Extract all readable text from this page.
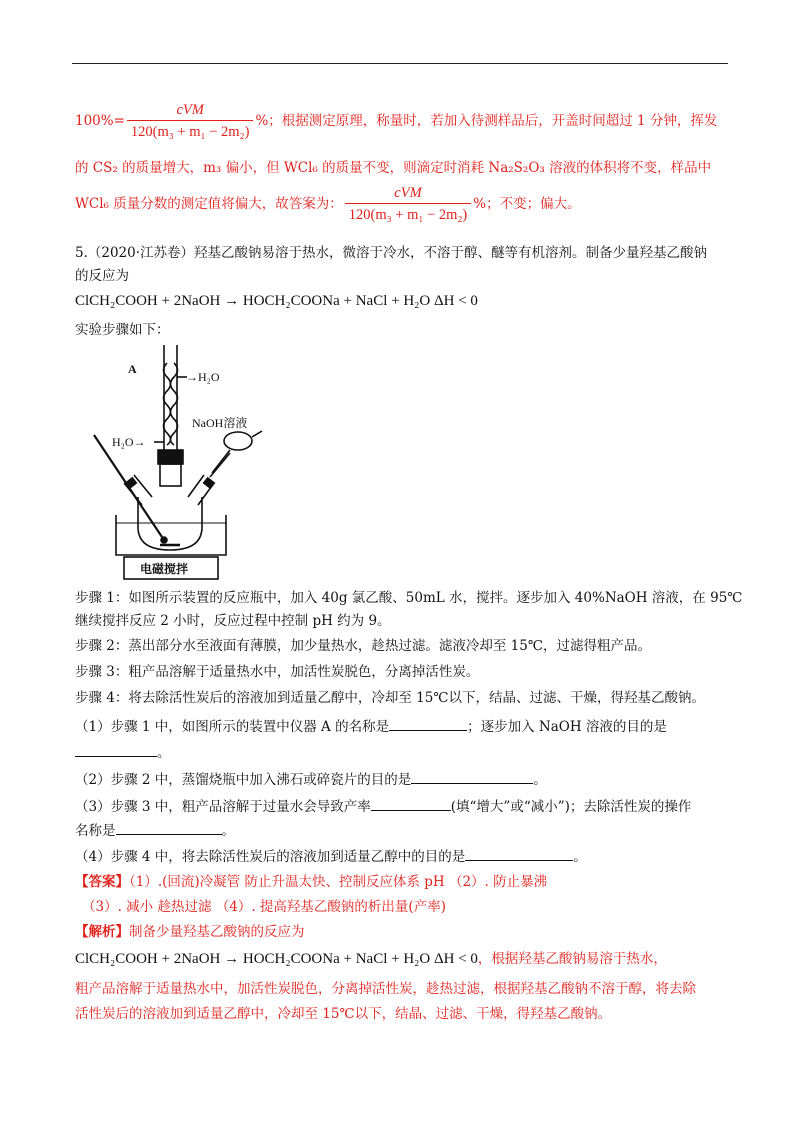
$100\%= \frac{\text{cVM}}{\text{120(m₃ + m₁ − 2m₂)}}$ %；根据测定原理，称量时，若加入待测样品后，开盖时间超过 1 分钟，挥发
的 CS₂ 的质量增大，m₃ 偏小，但 WCl₆ 的质量不变，则滴定时消耗 Na₂S₂O₃ 溶液的体积将不变，样品中
WCl₆ 质量分数的测定值将偏大，故答案为： $\frac{\text{cVM}}{\text{120(m₃ + m₁ − 2m₂)}}$ %；不变；偏大。
5.（2020·江苏卷）羟基乙酸钠易溶于热水，微溶于冷水，不溶于醇、醚等有机溶剂。制备少量羟基乙酸钠
的反应为
ClCH₂COOH + 2NaOH → HOCH₂COONa + NaCl + H₂O ΔH < 0
实验步骤如下：
A
→H₂O
H₂O→
NaOH溶液
电磁搅拌
步骤 1：如图所示装置的反应瓶中，加入 40g 氯乙酸、50mL 水，搅拌。逐步加入 40%NaOH 溶液，在 95℃
继续搅拌反应 2 小时，反应过程中控制 pH 约为 9。
步骤 2：蒸出部分水至液面有薄膜，加少量热水，趁热过滤。滤液冷却至 15℃，过滤得粗产品。
步骤 3：粗产品溶解于适量热水中，加活性炭脱色，分离掉活性炭。
步骤 4：将去除活性炭后的溶液加到适量乙醇中，冷却至 15℃以下，结晶、过滤、干燥，得羟基乙酸钠。
（1）步骤 1 中，如图所示的装置中仪器 A 的名称是	；逐步加入 NaOH 溶液的目的是
。
（2）步骤 2 中，蒸馏烧瓶中加入沸石或碎瓷片的目的是	。
（3）步骤 3 中，粗产品溶解于过量水会导致产率	(填“增大”或“减小”)；去除活性炭的操作
名称是	。
（4）步骤 4 中，将去除活性炭后的溶液加到适量乙醇中的目的是	。
【答案】（1）.(回流)冷凝管 防止升温太快、控制反应体系 pH （2）. 防止暴沸
（3）. 减小 趁热过滤 （4）. 提高羟基乙酸钠的析出量(产率)
【解析】制备少量羟基乙酸钠的反应为
ClCH₂COOH + 2NaOH → HOCH₂COONa + NaCl + H₂O ΔH < 0，根据羟基乙酸钠易溶于热水，
粗产品溶解于适量热水中，加活性炭脱色，分离掉活性炭，趁热过滤，根据羟基乙酸钠不溶于醇，将去除
活性炭后的溶液加到适量乙醇中，冷却至 15℃以下，结晶、过滤、干燥，得羟基乙酸钠。
